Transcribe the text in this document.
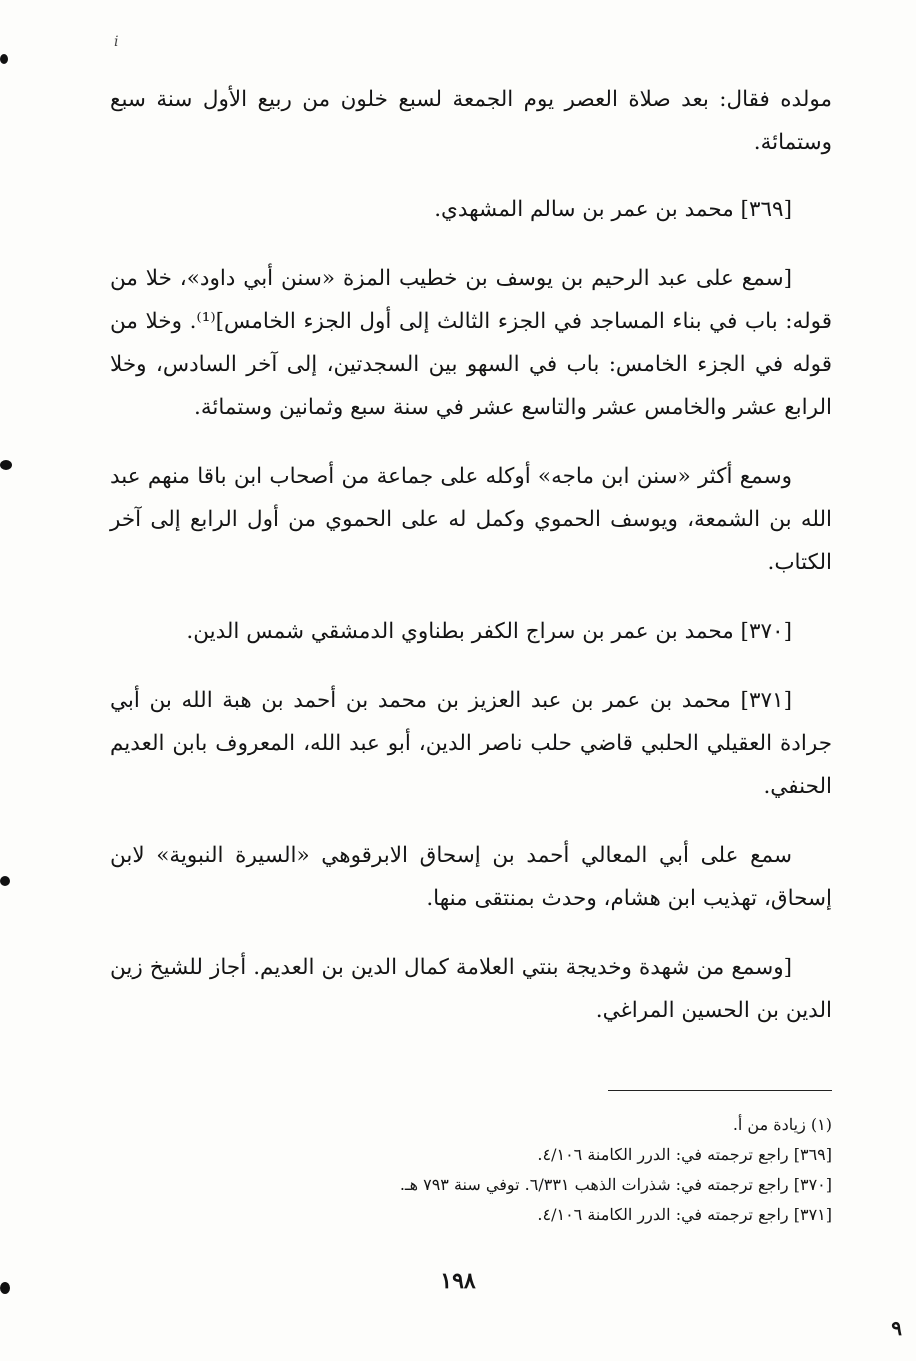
i

مولده فقال: بعد صلاة العصر يوم الجمعة لسبع خلون من ربيع الأول سنة سبع وستمائة.

[٣٦٩] محمد بن عمر بن سالم المشهدي.

[سمع على عبد الرحيم بن يوسف بن خطيب المزة «سنن أبي داود»، خلا من قوله: باب في بناء المساجد في الجزء الثالث إلى أول الجزء الخامس]⁽¹⁾. وخلا من قوله في الجزء الخامس: باب في السهو بين السجدتين، إلى آخر السادس، وخلا الرابع عشر والخامس عشر والتاسع عشر في سنة سبع وثمانين وستمائة.

وسمع أكثر «سنن ابن ماجه» أوكله على جماعة من أصحاب ابن باقا منهم عبد الله بن الشمعة، ويوسف الحموي وكمل له على الحموي من أول الرابع إلى آخر الكتاب.

[٣٧٠] محمد بن عمر بن سراج الكفر بطناوي الدمشقي شمس الدين.

[٣٧١] محمد بن عمر بن عبد العزيز بن محمد بن أحمد بن هبة الله بن أبي جرادة العقيلي الحلبي قاضي حلب ناصر الدين، أبو عبد الله، المعروف بابن العديم الحنفي.

سمع على أبي المعالي أحمد بن إسحاق الابرقوهي «السيرة النبوية» لابن إسحاق، تهذيب ابن هشام، وحدث بمنتقى منها.

[وسمع من شهدة وخديجة بنتي العلامة كمال الدين بن العديم. أجاز للشيخ زين الدين بن الحسين المراغي.

(١) زيادة من أ.
[٣٦٩] راجع ترجمته في: الدرر الكامنة ٤/١٠٦.
[٣٧٠] راجع ترجمته في: شذرات الذهب ٦/٣٣١. توفي سنة ٧٩٣ هـ.
[٣٧١] راجع ترجمته في: الدرر الكامنة ٤/١٠٦.
١٩٨
٩
